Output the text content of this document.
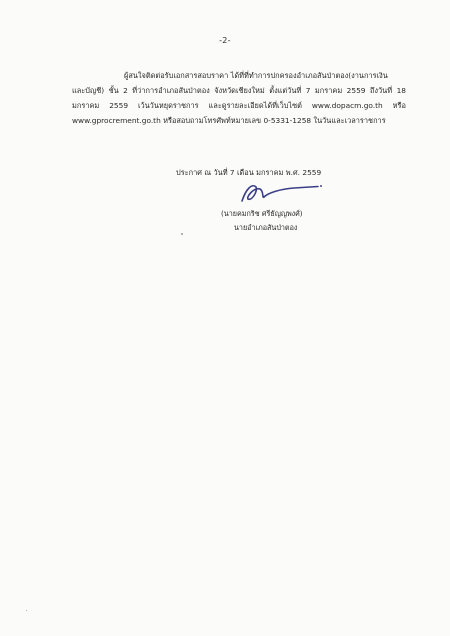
-2-
ผู้สนใจติดต่อรับเอกสารสอบราคา ได้ที่ที่ทำการปกครองอำเภอสันป่าตอง(งานการเงิน
และบัญชี) ชั้น 2 ที่ว่าการอำเภอสันป่าตอง จังหวัดเชียงใหม่ ตั้งแต่วันที่ 7 มกราคม 2559 ถึงวันที่ 18
มกราคม 2559 เว้นวันหยุดราชการ และดูรายละเอียดได้ที่เว็บไซต์ www.dopacm.go.th หรือ
www.gprocrement.go.th หรือสอบถามโทรศัพท์หมายเลข 0-5331-1258 ในวันและเวลาราชการ
ประกาศ ณ วันที่ 7 เดือน มกราคม พ.ศ. 2559
(นายคมกริช ศรีธัญญพงศ์)
นายอำเภอสันป่าตอง
